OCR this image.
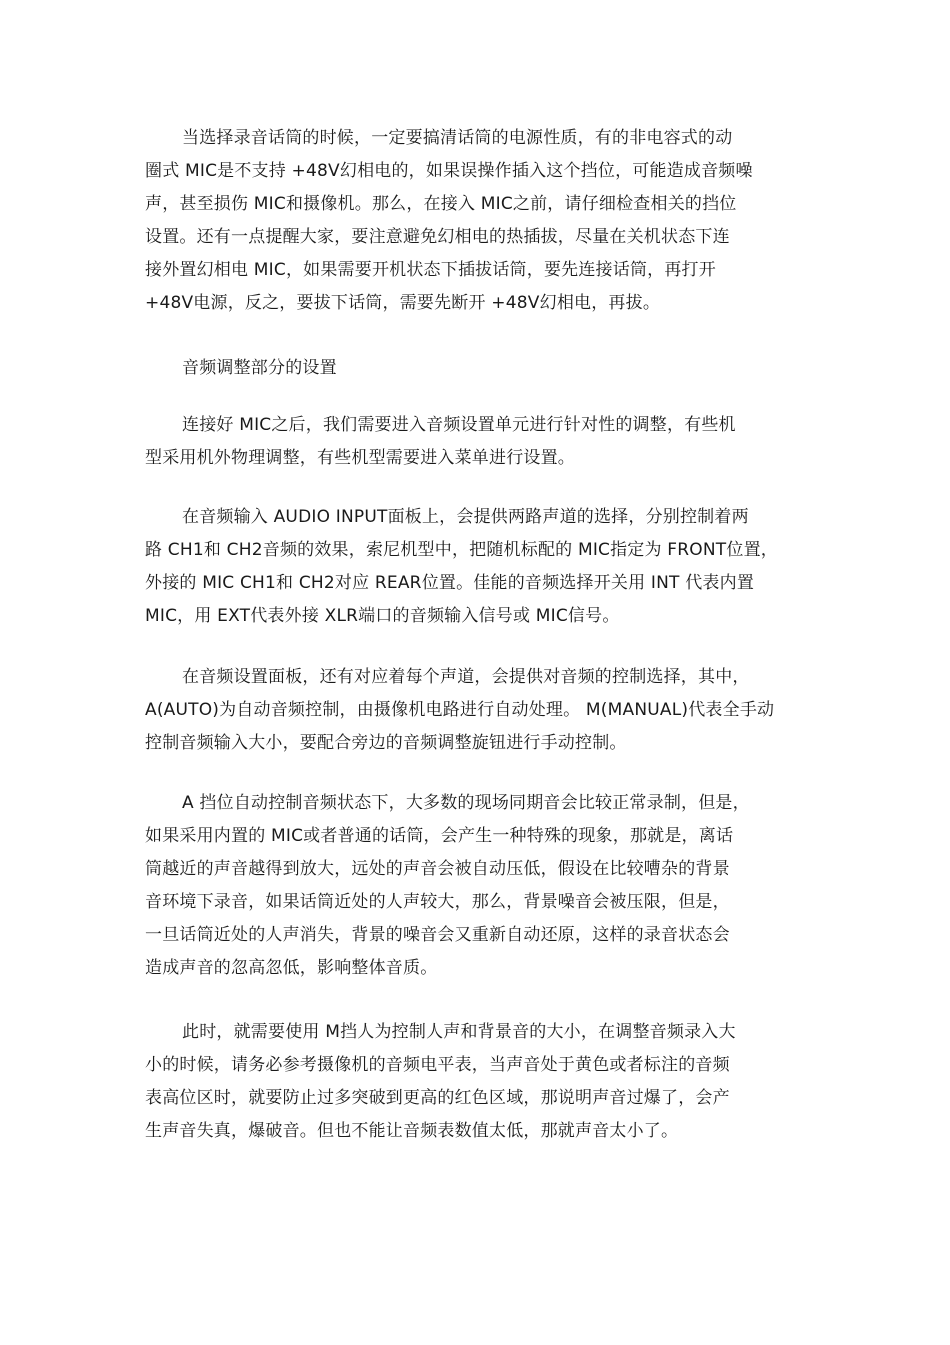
当选择录音话筒的时候，一定要搞清话筒的电源性质，有的非电容式的动
圈式 MIC是不支持 +48V幻相电的，如果误操作插入这个挡位，可能造成音频噪
声，甚至损伤 MIC和摄像机。那么，在接入 MIC之前，请仔细检查相关的挡位
设置。还有一点提醒大家，要注意避免幻相电的热插拔，尽量在关机状态下连
接外置幻相电 MIC，如果需要开机状态下插拔话筒，要先连接话筒，再打开
+48V电源，反之，要拔下话筒，需要先断开 +48V幻相电，再拔。
音频调整部分的设置
连接好 MIC之后，我们需要进入音频设置单元进行针对性的调整，有些机
型采用机外物理调整，有些机型需要进入菜单进行设置。
在音频输入 AUDIO INPUT面板上，会提供两路声道的选择，分别控制着两
路 CH1和 CH2音频的效果，索尼机型中，把随机标配的 MIC指定为 FRONT位置，
外接的 MIC CH1和 CH2对应 REAR位置。佳能的音频选择开关用 INT 代表内置
MIC，用 EXT代表外接 XLR端口的音频输入信号或 MIC信号。
在音频设置面板，还有对应着每个声道，会提供对音频的控制选择，其中，
A(AUTO)为自动音频控制，由摄像机电路进行自动处理。 M(MANUAL)代表全手动
控制音频输入大小，要配合旁边的音频调整旋钮进行手动控制。
A 挡位自动控制音频状态下，大多数的现场同期音会比较正常录制，但是，
如果采用内置的 MIC或者普通的话筒，会产生一种特殊的现象，那就是，离话
筒越近的声音越得到放大，远处的声音会被自动压低，假设在比较嘈杂的背景
音环境下录音，如果话筒近处的人声较大，那么，背景噪音会被压限，但是，
一旦话筒近处的人声消失，背景的噪音会又重新自动还原，这样的录音状态会
造成声音的忽高忽低，影响整体音质。
此时，就需要使用 M挡人为控制人声和背景音的大小，在调整音频录入大
小的时候，请务必参考摄像机的音频电平表，当声音处于黄色或者标注的音频
表高位区时，就要防止过多突破到更高的红色区域，那说明声音过爆了，会产
生声音失真，爆破音。但也不能让音频表数值太低，那就声音太小了。
